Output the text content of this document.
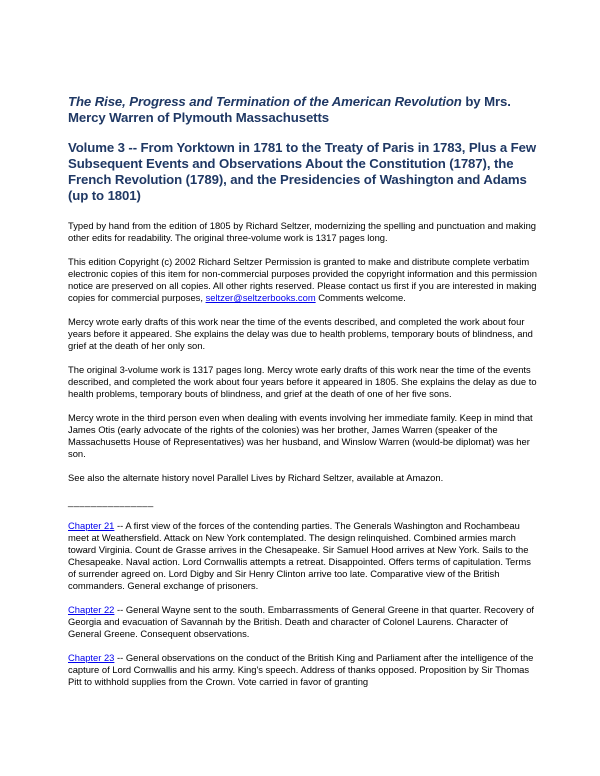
The Rise, Progress and Termination of the American Revolution by Mrs. Mercy Warren of Plymouth Massachusetts
Volume 3 -- From Yorktown in 1781 to the Treaty of Paris in 1783, Plus a Few Subsequent Events and Observations About the Constitution (1787), the French Revolution (1789), and the Presidencies of Washington and Adams (up to 1801)

Typed by hand from the edition of 1805 by Richard Seltzer, modernizing the spelling and punctuation and making other edits for readability. The original three-volume work is 1317 pages long.

This edition Copyright (c) 2002 Richard Seltzer Permission is granted to make and distribute complete verbatim electronic copies of this item for non-commercial purposes provided the copyright information and this permission notice are preserved on all copies. All other rights reserved. Please contact us first if you are interested in making copies for commercial purposes, seltzer@seltzerbooks.com Comments welcome.

Mercy wrote early drafts of this work near the time of the events described, and completed the work about four years before it appeared. She explains the delay was due to health problems, temporary bouts of blindness, and grief at the death of her only son.

The original 3-volume work is 1317 pages long. Mercy wrote early drafts of this work near the time of the events described, and completed the work about four years before it appeared in 1805. She explains the delay as due to health problems, temporary bouts of blindness, and grief at the death of one of her five sons.

Mercy wrote in the third person even when dealing with events involving her immediate family. Keep in mind that James Otis (early advocate of the rights of the colonies) was her brother, James Warren (speaker of the Massachusetts House of Representatives) was her husband, and Winslow Warren (would-be diplomat) was her son.

See also the alternate history novel Parallel Lives by Richard Seltzer, available at Amazon.

_______________

Chapter 21 -- A first view of the forces of the contending parties. The Generals Washington and Rochambeau meet at Weathersfield. Attack on New York contemplated. The design relinquished. Combined armies march toward Virginia. Count de Grasse arrives in the Chesapeake. Sir Samuel Hood arrives at New York. Sails to the Chesapeake. Naval action. Lord Cornwallis attempts a retreat. Disappointed. Offers terms of capitulation. Terms of surrender agreed on. Lord Digby and Sir Henry Clinton arrive too late. Comparative view of the British commanders. General exchange of prisoners.

Chapter 22 -- General Wayne sent to the south. Embarrassments of General Greene in that quarter. Recovery of Georgia and evacuation of Savannah by the British. Death and character of Colonel Laurens. Character of General Greene. Consequent observations.

Chapter 23 -- General observations on the conduct of the British King and Parliament after the intelligence of the capture of Lord Cornwallis and his army. King's speech. Address of thanks opposed. Proposition by Sir Thomas Pitt to withhold supplies from the Crown. Vote carried in favor of granting
